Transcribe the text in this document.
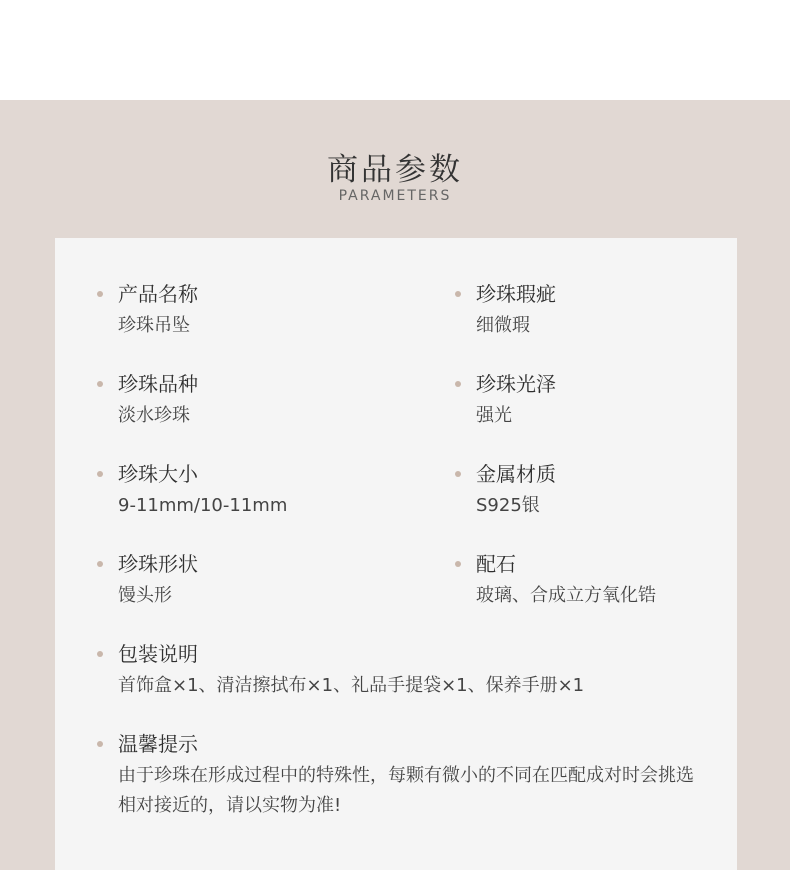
商品参数
PARAMETERS
产品名称
珍珠吊坠
珍珠瑕疵
细微瑕
珍珠品种
淡水珍珠
珍珠光泽
强光
珍珠大小
9-11mm/10-11mm
金属材质
S925银
珍珠形状
馒头形
配石
玻璃、合成立方氧化锆
包装说明
首饰盒×1、清洁擦拭布×1、礼品手提袋×1、保养手册×1
温馨提示
由于珍珠在形成过程中的特殊性，每颗有微小的不同在匹配成对时会挑选相对接近的，请以实物为准!
